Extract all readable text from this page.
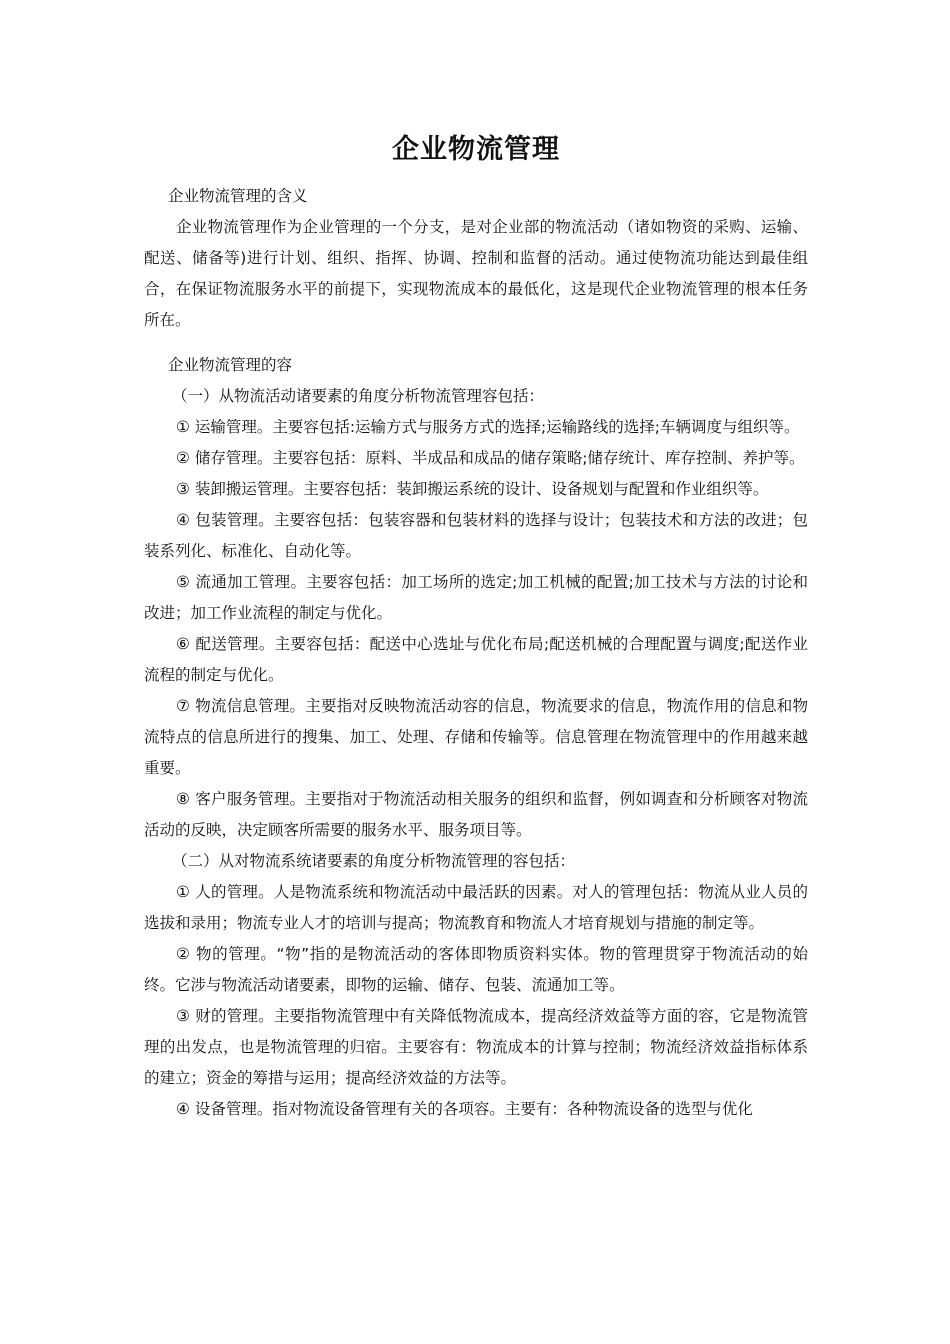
企业物流管理

企业物流管理的含义

企业物流管理作为企业管理的一个分支，是对企业部的物流活动（诸如物资的采购、运输、配送、储备等)进行计划、组织、指挥、协调、控制和监督的活动。通过使物流功能达到最佳组合，在保证物流服务水平的前提下，实现物流成本的最低化，这是现代企业物流管理的根本任务所在。

企业物流管理的容

（一）从物流活动诸要素的角度分析物流管理容包括：

① 运输管理。主要容包括:运输方式与服务方式的选择;运输路线的选择;车辆调度与组织等。

② 储存管理。主要容包括：原料、半成品和成品的储存策略;储存统计、库存控制、养护等。

③ 装卸搬运管理。主要容包括：装卸搬运系统的设计、设备规划与配置和作业组织等。

④ 包装管理。主要容包括：包装容器和包装材料的选择与设计；包装技术和方法的改进；包装系列化、标准化、自动化等。

⑤ 流通加工管理。主要容包括：加工场所的选定;加工机械的配置;加工技术与方法的讨论和改进；加工作业流程的制定与优化。

⑥ 配送管理。主要容包括：配送中心选址与优化布局;配送机械的合理配置与调度;配送作业流程的制定与优化。

⑦ 物流信息管理。主要指对反映物流活动容的信息，物流要求的信息，物流作用的信息和物流特点的信息所进行的搜集、加工、处理、存储和传输等。信息管理在物流管理中的作用越来越重要。

⑧ 客户服务管理。主要指对于物流活动相关服务的组织和监督，例如调查和分析顾客对物流活动的反映，决定顾客所需要的服务水平、服务项目等。

（二）从对物流系统诸要素的角度分析物流管理的容包括：

① 人的管理。人是物流系统和物流活动中最活跃的因素。对人的管理包括：物流从业人员的选拔和录用；物流专业人才的培训与提高；物流教育和物流人才培育规划与措施的制定等。

② 物的管理。“物”指的是物流活动的客体即物质资料实体。物的管理贯穿于物流活动的始终。它涉与物流活动诸要素，即物的运输、储存、包装、流通加工等。

③ 财的管理。主要指物流管理中有关降低物流成本，提高经济效益等方面的容，它是物流管理的出发点，也是物流管理的归宿。主要容有：物流成本的计算与控制；物流经济效益指标体系的建立；资金的筹措与运用；提高经济效益的方法等。

④ 设备管理。指对物流设备管理有关的各项容。主要有：各种物流设备的选型与优化
